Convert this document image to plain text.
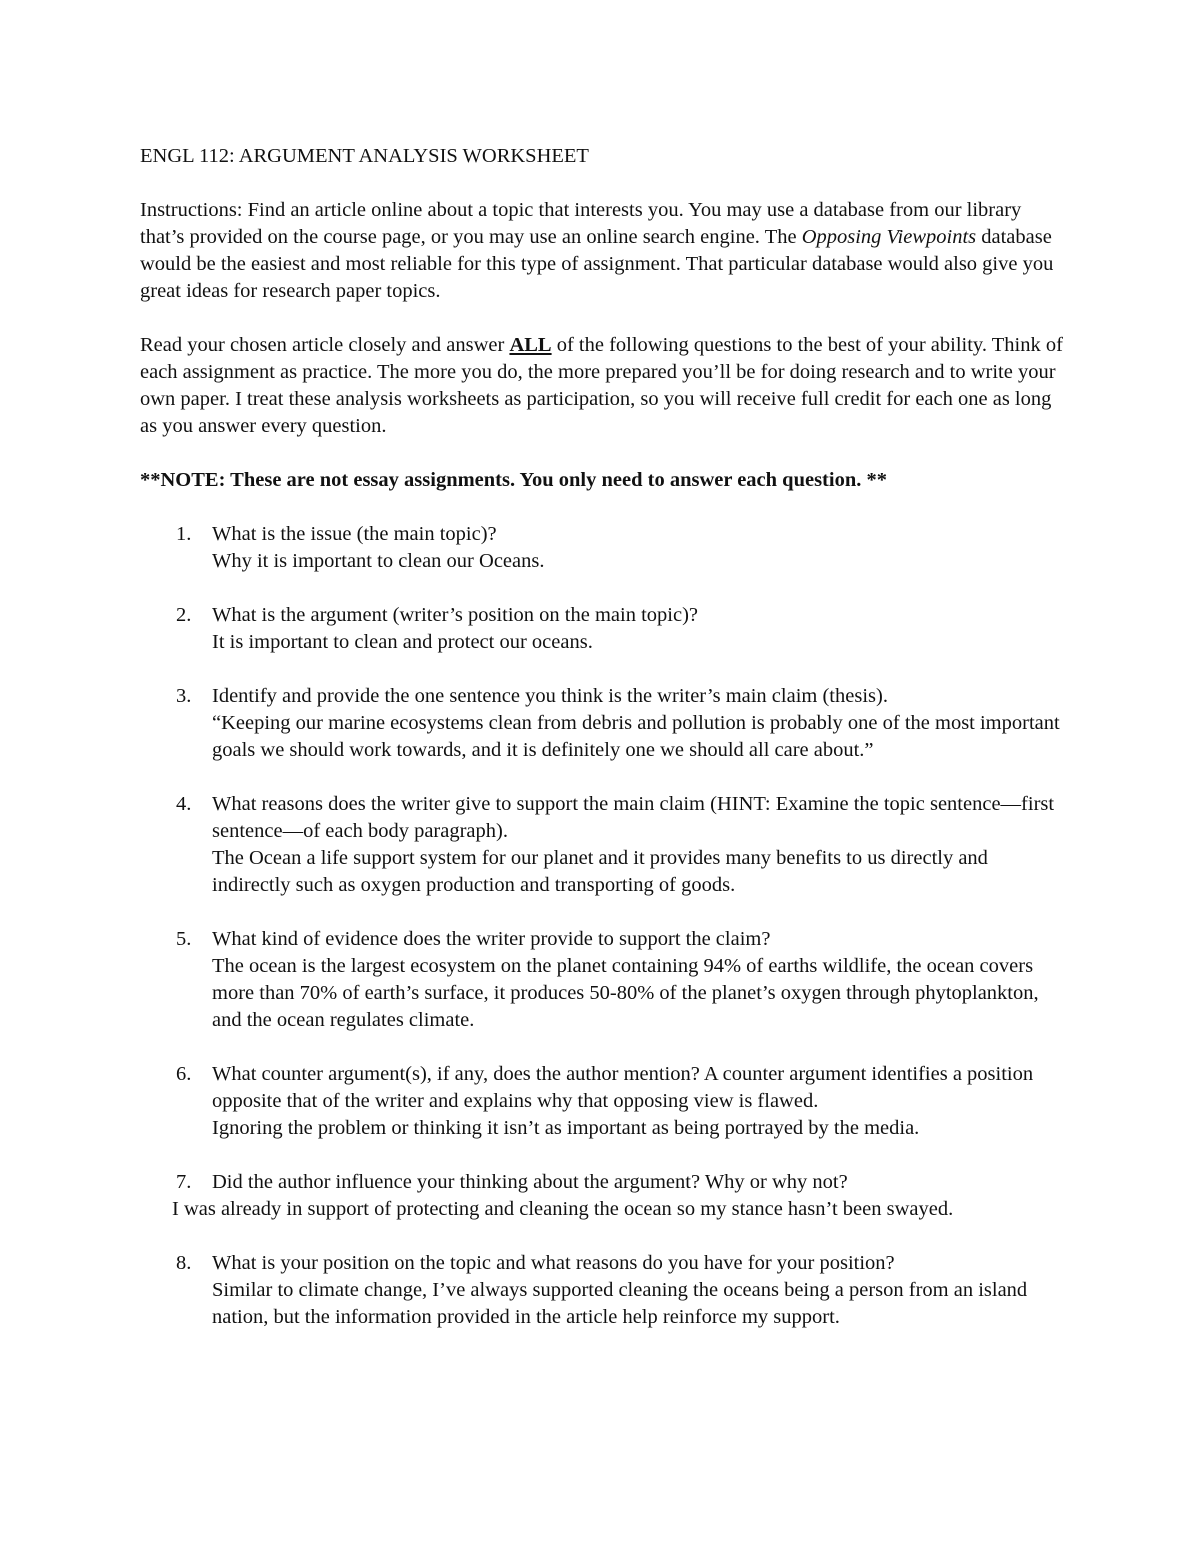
ENGL 112: ARGUMENT ANALYSIS WORKSHEET

Instructions: Find an article online about a topic that interests you. You may use a database from our library that’s provided on the course page, or you may use an online search engine. The Opposing Viewpoints database would be the easiest and most reliable for this type of assignment. That particular database would also give you great ideas for research paper topics.

Read your chosen article closely and answer ALL of the following questions to the best of your ability. Think of each assignment as practice. The more you do, the more prepared you’ll be for doing research and to write your own paper. I treat these analysis worksheets as participation, so you will receive full credit for each one as long as you answer every question.

**NOTE: These are not essay assignments. You only need to answer each question. **

1. What is the issue (the main topic)?
Why it is important to clean our Oceans.
2. What is the argument (writer’s position on the main topic)?
It is important to clean and protect our oceans.
3. Identify and provide the one sentence you think is the writer’s main claim (thesis).
“Keeping our marine ecosystems clean from debris and pollution is probably one of the most important goals we should work towards, and it is definitely one we should all care about.”
4. What reasons does the writer give to support the main claim (HINT: Examine the topic sentence—first sentence—of each body paragraph).
The Ocean a life support system for our planet and it provides many benefits to us directly and indirectly such as oxygen production and transporting of goods.
5. What kind of evidence does the writer provide to support the claim?
The ocean is the largest ecosystem on the planet containing 94% of earths wildlife, the ocean covers more than 70% of earth’s surface, it produces 50-80% of the planet’s oxygen through phytoplankton, and the ocean regulates climate.
6. What counter argument(s), if any, does the author mention? A counter argument identifies a position opposite that of the writer and explains why that opposing view is flawed.
Ignoring the problem or thinking it isn’t as important as being portrayed by the media.
7. Did the author influence your thinking about the argument? Why or why not?
I was already in support of protecting and cleaning the ocean so my stance hasn’t been swayed.
8. What is your position on the topic and what reasons do you have for your position?
Similar to climate change, I’ve always supported cleaning the oceans being a person from an island nation, but the information provided in the article help reinforce my support.
